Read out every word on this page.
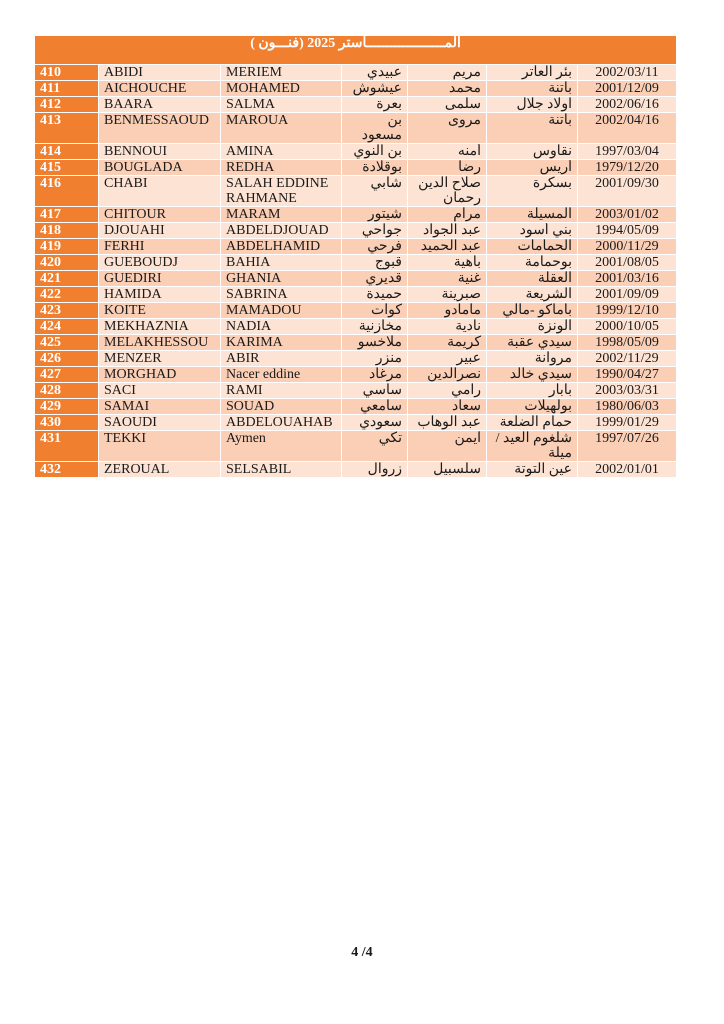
المـــــــــــــــــــاستر 2025 (فنـــون )						
410	ABIDI	MERIEM	عبيدي	مريم	بئر العاتر	2002/03/11
411	AICHOUCHE	MOHAMED	عيشوش	محمد	باتنة	2001/12/09
412	BAARA	SALMA	بعرة	سلمى	اولاد جلال	2002/06/16
413	BENMESSAOUD	MAROUA	بن مسعود	مروى	باتنة	2002/04/16
414	BENNOUI	AMINA	بن النوي	أمنه	نقاوس	1997/03/04
415	BOUGLADA	REDHA	بوقلادة	رضا	أريس	1979/12/20
416	CHABI	SALAH EDDINE RAHMANE	شابي	صلاح الدين رحمان	بسكرة	2001/09/30
417	CHITOUR	MARAM	شيتور	مرام	المسيلة	2003/01/02
418	DJOUAHI	ABDELDJOUAD	جواحي	عبد الجواد	بني أسود	1994/05/09
419	FERHI	ABDELHAMID	فرحي	عبد الحميد	الحمامات	2000/11/29
420	GUEBOUDJ	BAHIA	قبوج	باهية	بوحمامة	2001/08/05
421	GUEDIRI	GHANIA	قديري	غنية	العقلة	2001/03/16
422	HAMIDA	SABRINA	حميدة	صبرينة	الشريعة	2001/09/09
423	KOITE	MAMADOU	كوات	مامادو	باماكو -مالي	1999/12/10
424	MEKHAZNIA	NADIA	مخازنية	نادية	الونزة	2000/10/05
425	MELAKHESSOU	KARIMA	ملاخسو	كريمة	سيدي عقبة	1998/05/09
426	MENZER	ABIR	منزر	عبير	مروانة	2002/11/29
427	MORGHAD	Nacer eddine	مرغاد	نصرالدين	سيدي خالد	1990/04/27
428	SACI	RAMI	ساسي	رامي	بابار	2003/03/31
429	SAMAI	SOUAD	سامعي	سعاد	بولهيلات	1980/06/03
430	SAOUDI	ABDELOUAHAB	سعودي	عبد الوهاب	حمام الضلعة	1999/01/29
431	TEKKI	Aymen	تكي	ايمن	شلغوم العيد / ميلة	1997/07/26
432	ZEROUAL	SELSABIL	زروال	سلسبيل	عين التوتة	2002/01/01
4 /4
